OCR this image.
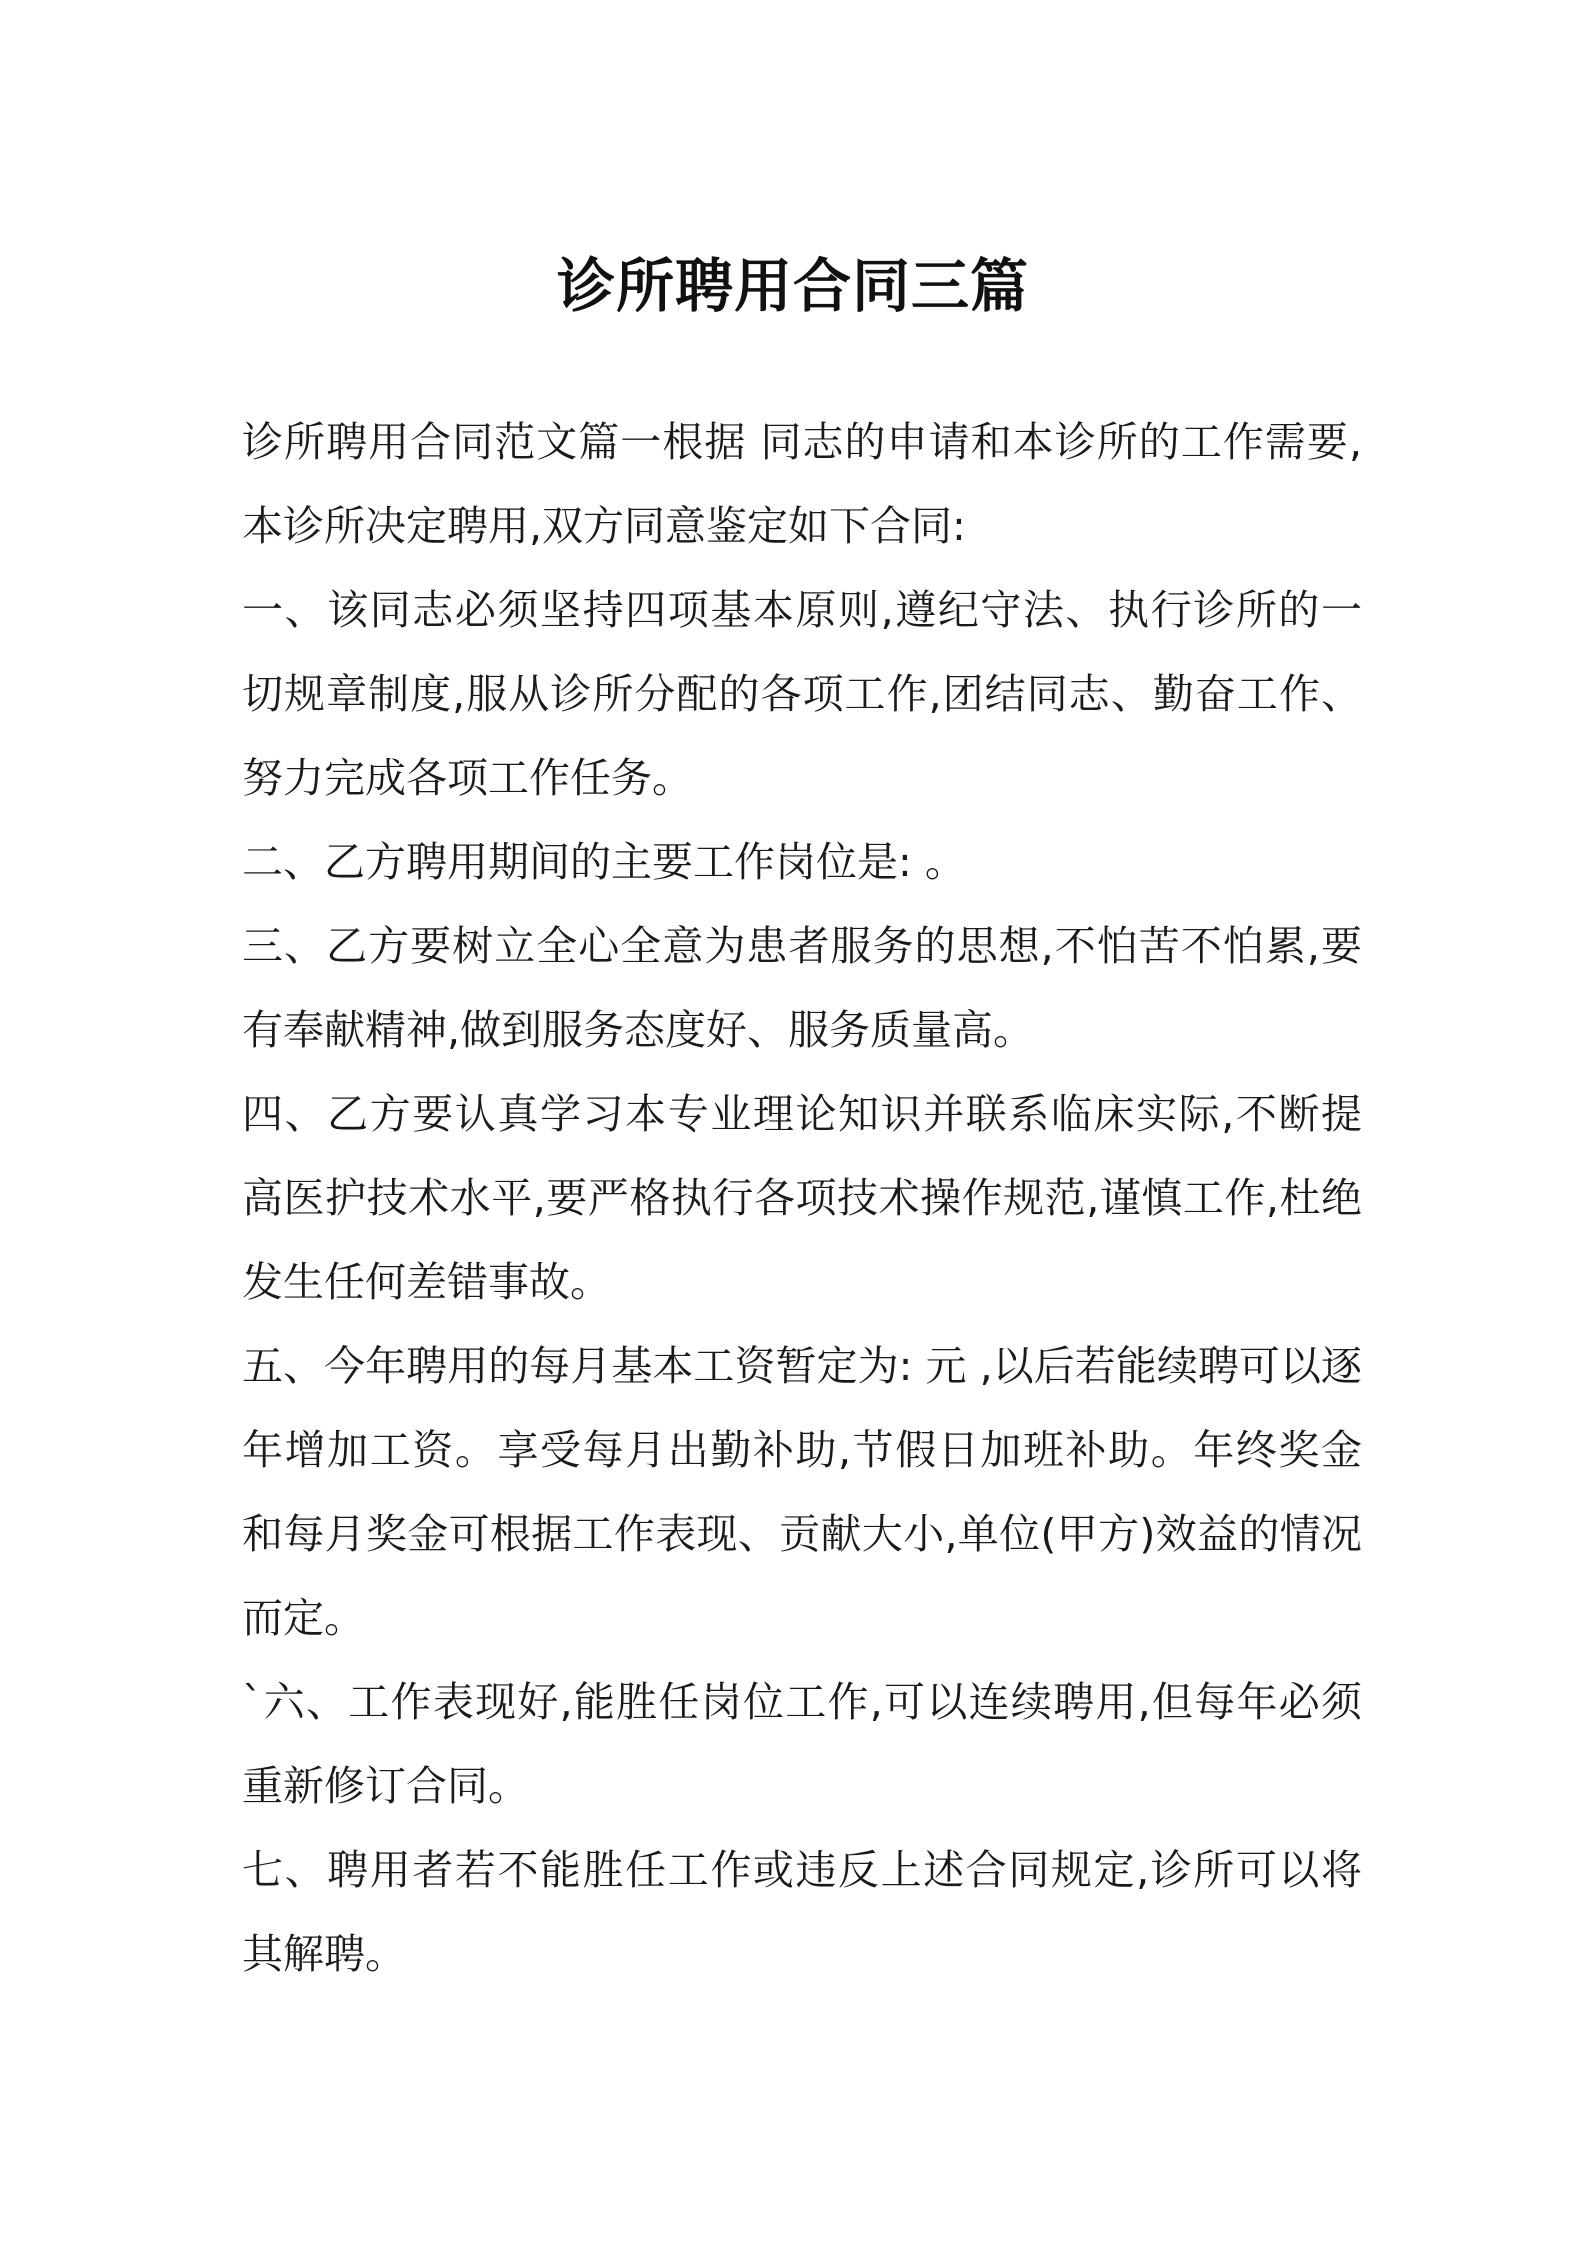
诊所聘用合同三篇

诊所聘用合同范文篇一根据 同志的申请和本诊所的工作需要,本诊所决定聘用,双方同意鉴定如下合同:

一、该同志必须坚持四项基本原则,遵纪守法、执行诊所的一切规章制度,服从诊所分配的各项工作,团结同志、勤奋工作、努力完成各项工作任务。

二、乙方聘用期间的主要工作岗位是: 。

三、乙方要树立全心全意为患者服务的思想,不怕苦不怕累,要有奉献精神,做到服务态度好、服务质量高。

四、乙方要认真学习本专业理论知识并联系临床实际,不断提高医护技术水平,要严格执行各项技术操作规范,谨慎工作,杜绝发生任何差错事故。

五、今年聘用的每月基本工资暂定为: 元 ,以后若能续聘可以逐年增加工资。享受每月出勤补助,节假日加班补助。年终奖金和每月奖金可根据工作表现、贡献大小,单位(甲方)效益的情况而定。

`六、工作表现好,能胜任岗位工作,可以连续聘用,但每年必须重新修订合同。

七、聘用者若不能胜任工作或违反上述合同规定,诊所可以将其解聘。
